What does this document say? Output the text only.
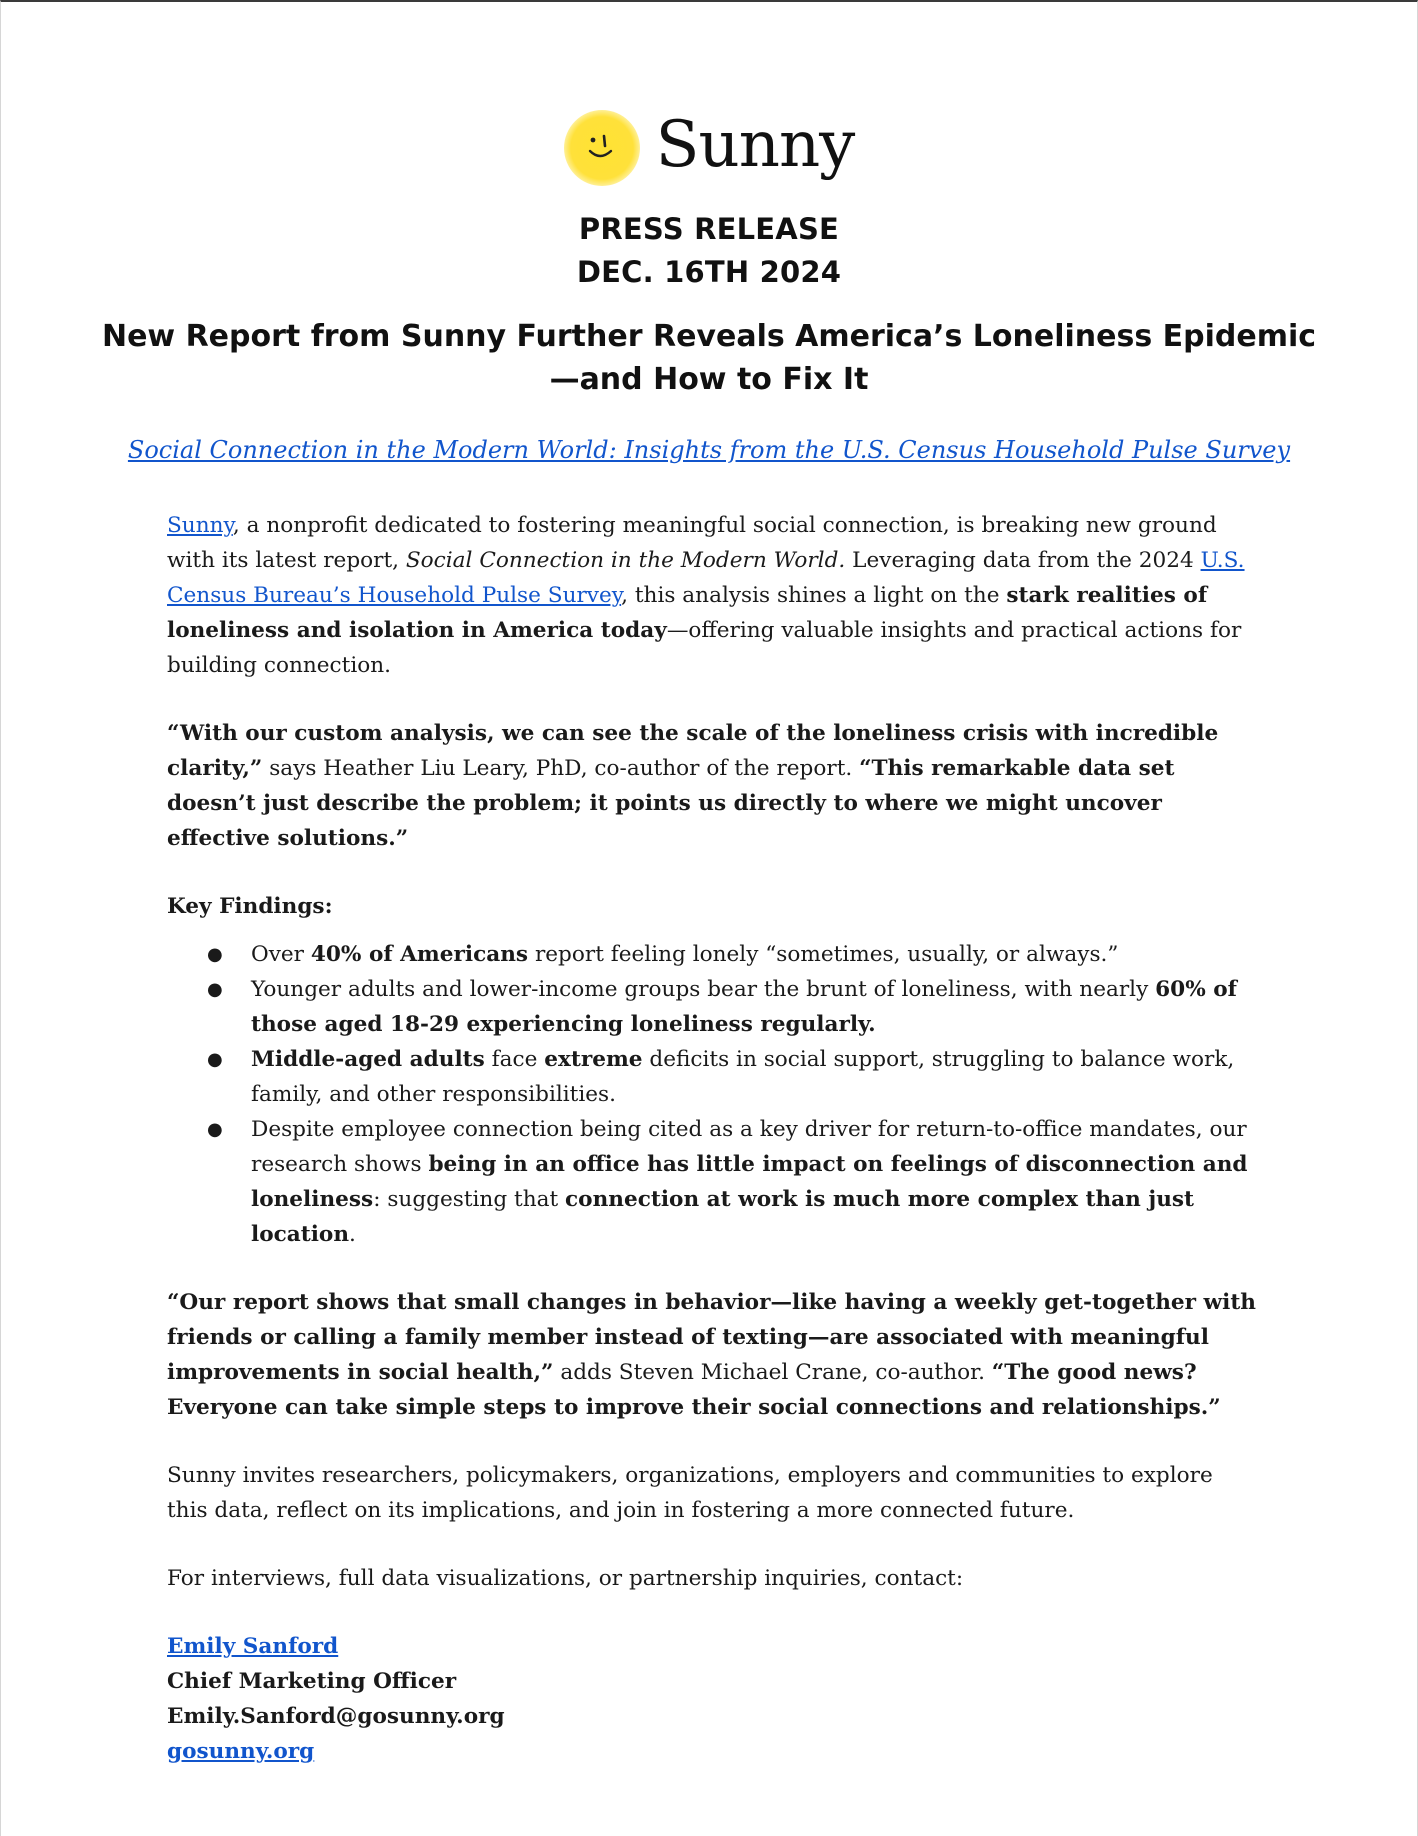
Sunny
PRESS RELEASE
DEC. 16TH 2024
New Report from Sunny Further Reveals America’s Loneliness Epidemic
—and How to Fix It
Social Connection in the Modern World: Insights from the U.S. Census Household Pulse Survey

Sunny, a nonprofit dedicated to fostering meaningful social connection, is breaking new ground with its latest report, Social Connection in the Modern World. Leveraging data from the 2024 U.S. Census Bureau’s Household Pulse Survey, this analysis shines a light on the stark realities of loneliness and isolation in America today—offering valuable insights and practical actions for building connection.

“With our custom analysis, we can see the scale of the loneliness crisis with incredible clarity,” says Heather Liu Leary, PhD, co-author of the report. “This remarkable data set doesn’t just describe the problem; it points us directly to where we might uncover effective solutions.”

Key Findings:

● Over 40% of Americans report feeling lonely “sometimes, usually, or always.”
● Younger adults and lower-income groups bear the brunt of loneliness, with nearly 60% of those aged 18-29 experiencing loneliness regularly.
● Middle-aged adults face extreme deficits in social support, struggling to balance work, family, and other responsibilities.
● Despite employee connection being cited as a key driver for return-to-office mandates, our research shows being in an office has little impact on feelings of disconnection and loneliness: suggesting that connection at work is much more complex than just location.

“Our report shows that small changes in behavior—like having a weekly get-together with friends or calling a family member instead of texting—are associated with meaningful improvements in social health,” adds Steven Michael Crane, co-author. “The good news? Everyone can take simple steps to improve their social connections and relationships.”

Sunny invites researchers, policymakers, organizations, employers and communities to explore this data, reflect on its implications, and join in fostering a more connected future.

For interviews, full data visualizations, or partnership inquiries, contact:

Emily Sanford
Chief Marketing Officer
Emily.Sanford@gosunny.org
gosunny.org
